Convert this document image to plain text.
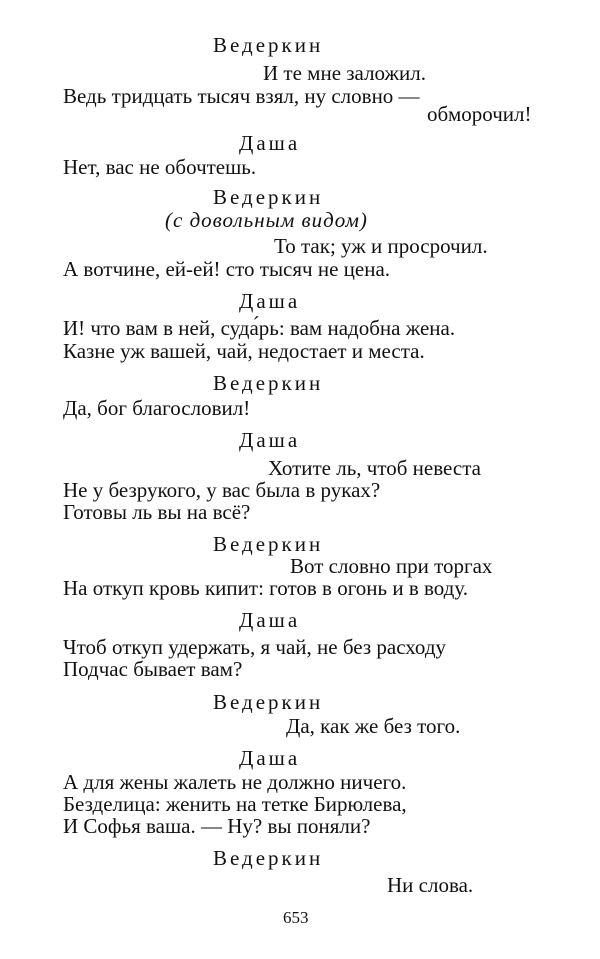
Ведеркин
И те мне заложил.
Ведь тридцать тысяч взял, ну словно —
обморочил!
Даша
Нет, вас не обочтешь.
Ведеркин
(с довольным видом)
То так; уж и просрочил.
А вотчине, ей-ей! сто тысяч не цена.
Даша
И! что вам в ней, суда́рь: вам надобна жена.
Казне уж вашей, чай, недостает и места.
Ведеркин
Да, бог благословил!
Даша
Хотите ль, чтоб невеста
Не у безрукого, у вас была в руках?
Готовы ль вы на всё?
Ведеркин
Вот словно при торгах
На откуп кровь кипит: готов в огонь и в воду.
Даша
Чтоб откуп удержать, я чай, не без расходу
Подчас бывает вам?
Ведеркин
Да, как же без того.
Даша
А для жены жалеть не должно ничего.
Безделица: женить на тетке Бирюлева,
И Софья ваша. — Ну? вы поняли?
Ведеркин
Ни слова.
653
